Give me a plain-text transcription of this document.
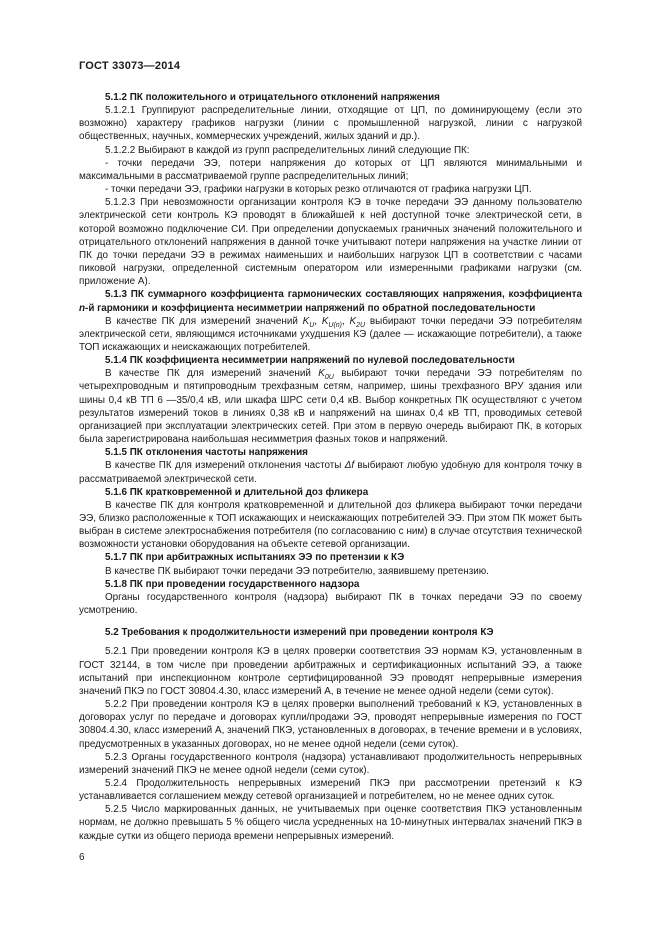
ГОСТ 33073—2014

5.1.2 ПК положительного и отрицательного отклонений напряжения

5.1.2.1 Группируют распределительные линии, отходящие от ЦП, по доминирующему (если это возможно) характеру графиков нагрузки (линии с промышленной нагрузкой, линии с нагрузкой общественных, научных, коммерческих учреждений, жилых зданий и др.).

5.1.2.2 Выбирают в каждой из групп распределительных линий следующие ПК:

- точки передачи ЭЭ, потери напряжения до которых от ЦП являются минимальными и максимальными в рассматриваемой группе распределительных линий;

- точки передачи ЭЭ, графики нагрузки в которых резко отличаются от графика нагрузки ЦП.

5.1.2.3 При невозможности организации контроля КЭ в точке передачи ЭЭ данному пользователю электрической сети контроль КЭ проводят в ближайшей к ней доступной точке электрической сети, в которой возможно подключение СИ. При определении допускаемых граничных значений положительного и отрицательного отклонений напряжения в данной точке учитывают потери напряжения на участке линии от ПК до точки передачи ЭЭ в режимах наименьших и наибольших нагрузок ЦП в соответствии с часами пиковой нагрузки, определенной системным оператором или измеренными графиками нагрузки (см. приложение А).

5.1.3 ПК суммарного коэффициента гармонических составляющих напряжения, коэффициента n-й гармоники и коэффициента несимметрии напряжений по обратной последовательности

В качестве ПК для измерений значений $K_U$, $K_{U(n)}$, $K_{2U}$ выбирают точки передачи ЭЭ потребителям электрической сети, являющимся источниками ухудшения КЭ (далее — искажающие потребители), а также ТОП искажающих и неискажающих потребителей.

5.1.4 ПК коэффициента несимметрии напряжений по нулевой последовательности

В качестве ПК для измерений значений $K_{0U}$ выбирают точки передачи ЭЭ потребителям по четырехпроводным и пятипроводным трехфазным сетям, например, шины трехфазного ВРУ здания или шины 0,4 кВ ТП 6 —35/0,4 кВ, или шкафа ШРС сети 0,4 кВ. Выбор конкретных ПК осуществляют с учетом результатов измерений токов в линиях 0,38 кВ и напряжений на шинах 0,4 кВ ТП, проводимых сетевой организацией при эксплуатации электрических сетей. При этом в первую очередь выбирают ПК, в которых была зарегистрирована наибольшая несимметрия фазных токов и напряжений.

5.1.5 ПК отклонения частоты напряжения

В качестве ПК для измерений отклонения частоты Δf выбирают любую удобную для контроля точку в рассматриваемой электрической сети.

5.1.6 ПК кратковременной и длительной доз фликера

В качестве ПК для контроля кратковременной и длительной доз фликера выбирают точки передачи ЭЭ, близко расположенные к ТОП искажающих и неискажающих потребителей ЭЭ. При этом ПК может быть выбран в системе электроснабжения потребителя (по согласованию с ним) в случае отсутствия технической возможности установки оборудования на объекте сетевой организации.

5.1.7 ПК при арбитражных испытаниях ЭЭ по претензии к КЭ

В качестве ПК выбирают точки передачи ЭЭ потребителю, заявившему претензию.

5.1.8 ПК при проведении государственного надзора

Органы государственного контроля (надзора) выбирают ПК в точках передачи ЭЭ по своему усмотрению.

5.2 Требования к продолжительности измерений при проведении контроля КЭ

5.2.1 При проведении контроля КЭ в целях проверки соответствия ЭЭ нормам КЭ, установленным в ГОСТ 32144, в том числе при проведении арбитражных и сертификационных испытаний ЭЭ, а также испытаний при инспекционном контроле сертифицированной ЭЭ проводят непрерывные измерения значений ПКЭ по ГОСТ 30804.4.30, класс измерений А, в течение не менее одной недели (семи суток).

5.2.2 При проведении контроля КЭ в целях проверки выполнений требований к КЭ, установленных в договорах услуг по передаче и договорах купли/продажи ЭЭ, проводят непрерывные измерения по ГОСТ 30804.4.30, класс измерений А, значений ПКЭ, установленных в договорах, в течение времени и в условиях, предусмотренных в указанных договорах, но не менее одной недели (семи суток).

5.2.3 Органы государственного контроля (надзора) устанавливают продолжительность непрерывных измерений значений ПКЭ не менее одной недели (семи суток).

5.2.4 Продолжительность непрерывных измерений ПКЭ при рассмотрении претензий к КЭ устанавливается соглашением между сетевой организацией и потребителем, но не менее одних суток.

5.2.5 Число маркированных данных, не учитываемых при оценке соответствия ПКЭ установленным нормам, не должно превышать 5 % общего числа усредненных на 10-минутных интервалах значений ПКЭ в каждые сутки из общего периода времени непрерывных измерений.

6
